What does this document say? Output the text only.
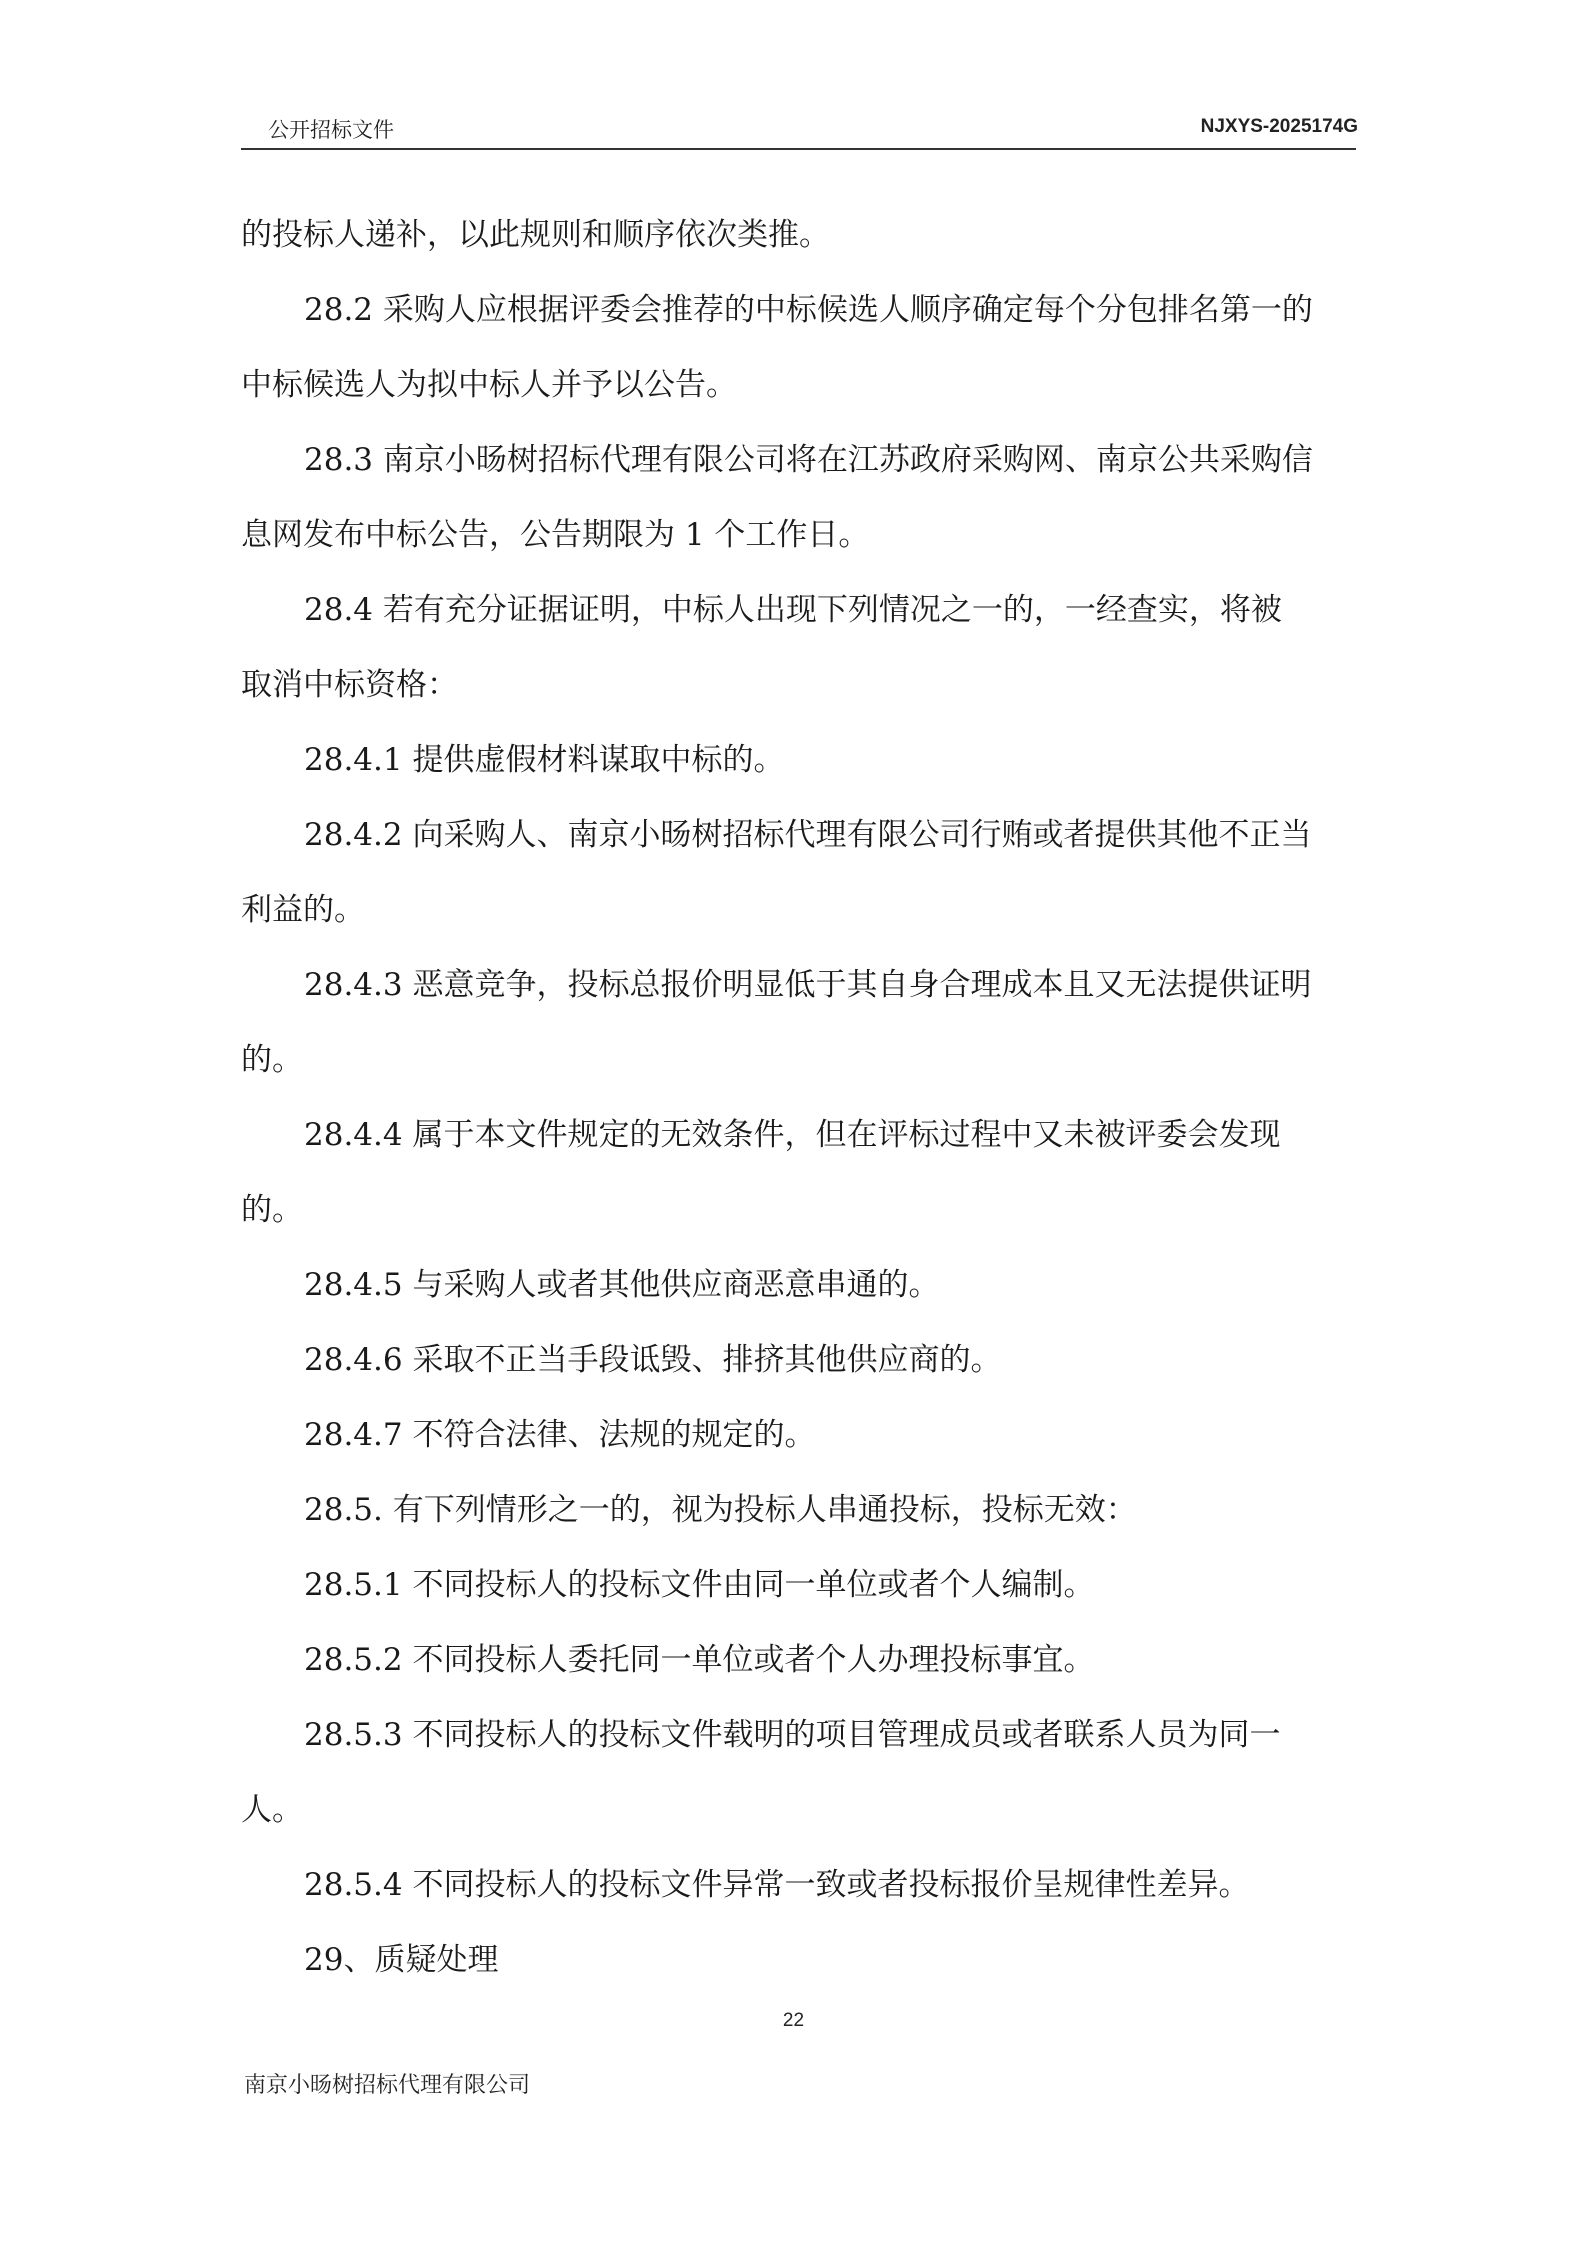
公开招标文件	NJXYS-2025174G
的投标人递补，以此规则和顺序依次类推。
28.2 采购人应根据评委会推荐的中标候选人顺序确定每个分包排名第一的
中标候选人为拟中标人并予以公告。
28.3 南京小旸树招标代理有限公司将在江苏政府采购网、南京公共采购信
息网发布中标公告，公告期限为 1 个工作日。
28.4 若有充分证据证明，中标人出现下列情况之一的，一经查实，将被
取消中标资格：
28.4.1 提供虚假材料谋取中标的。
28.4.2 向采购人、南京小旸树招标代理有限公司行贿或者提供其他不正当
利益的。
28.4.3 恶意竞争，投标总报价明显低于其自身合理成本且又无法提供证明
的。
28.4.4 属于本文件规定的无效条件，但在评标过程中又未被评委会发现
的。
28.4.5 与采购人或者其他供应商恶意串通的。
28.4.6 采取不正当手段诋毁、排挤其他供应商的。
28.4.7 不符合法律、法规的规定的。
28.5. 有下列情形之一的，视为投标人串通投标，投标无效：
28.5.1 不同投标人的投标文件由同一单位或者个人编制。
28.5.2 不同投标人委托同一单位或者个人办理投标事宜。
28.5.3 不同投标人的投标文件载明的项目管理成员或者联系人员为同一
人。
28.5.4 不同投标人的投标文件异常一致或者投标报价呈规律性差异。
29、质疑处理
22
南京小旸树招标代理有限公司
